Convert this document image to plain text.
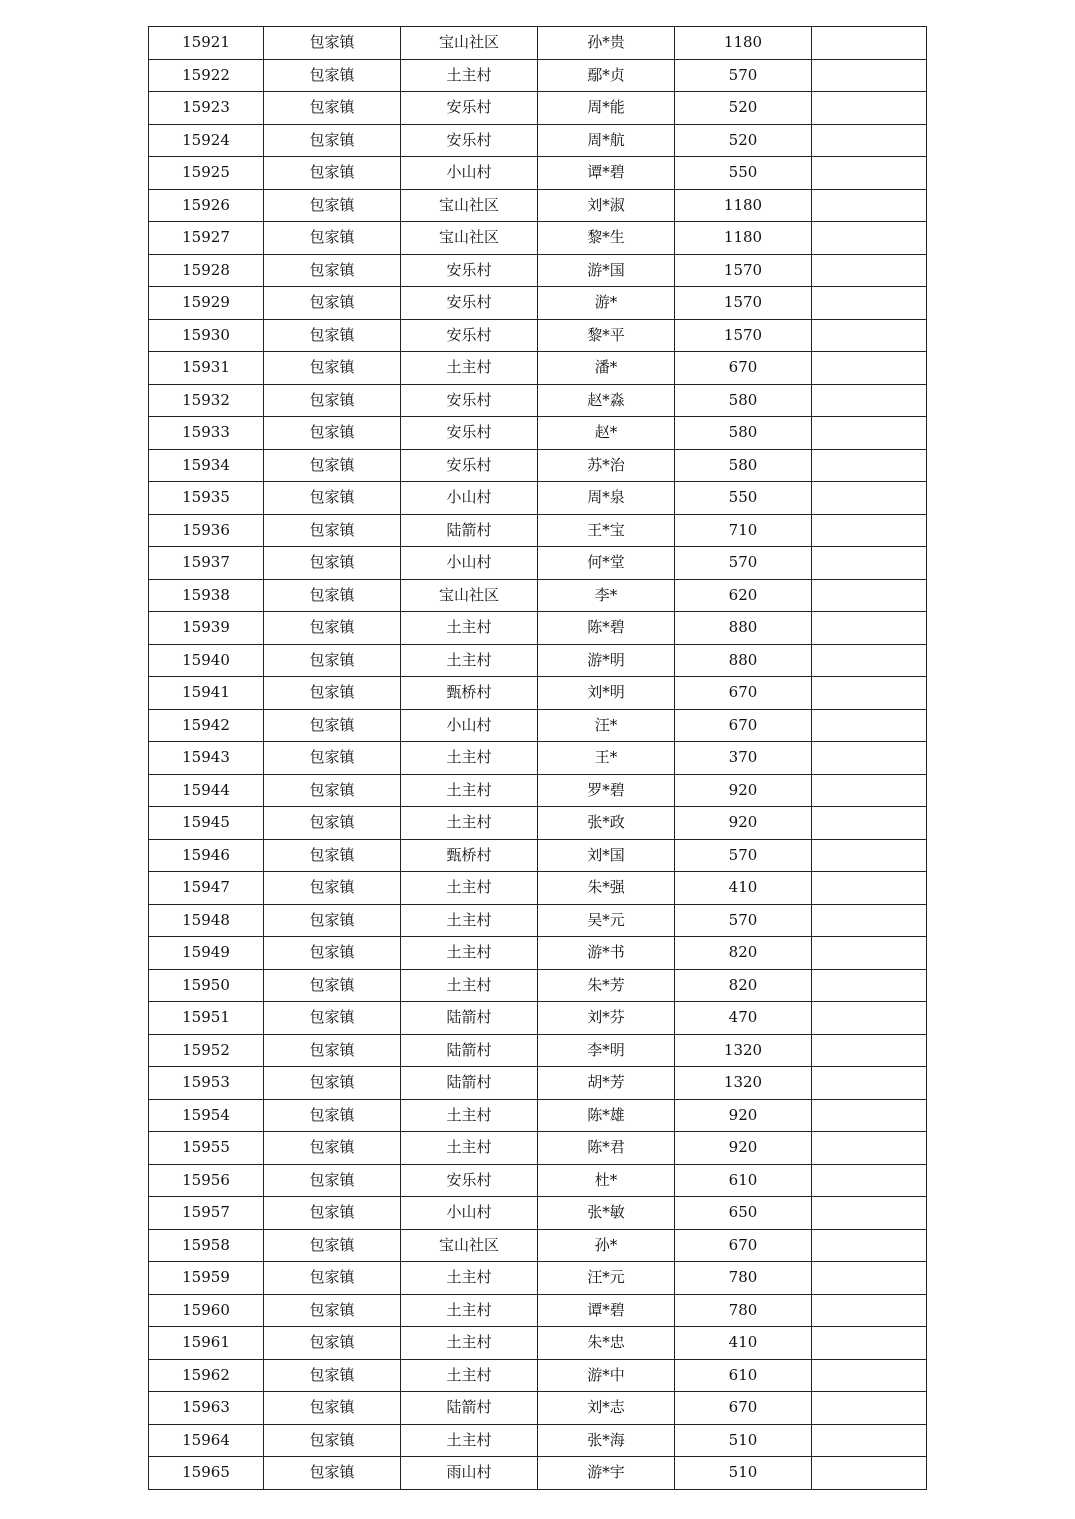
15921	包家镇	宝山社区	孙*贵	1180	
15922	包家镇	土主村	鄢*贞	570	
15923	包家镇	安乐村	周*能	520	
15924	包家镇	安乐村	周*航	520	
15925	包家镇	小山村	谭*碧	550	
15926	包家镇	宝山社区	刘*淑	1180	
15927	包家镇	宝山社区	黎*生	1180	
15928	包家镇	安乐村	游*国	1570	
15929	包家镇	安乐村	游*	1570	
15930	包家镇	安乐村	黎*平	1570	
15931	包家镇	土主村	潘*	670	
15932	包家镇	安乐村	赵*淼	580	
15933	包家镇	安乐村	赵*	580	
15934	包家镇	安乐村	苏*治	580	
15935	包家镇	小山村	周*泉	550	
15936	包家镇	陆箭村	王*宝	710	
15937	包家镇	小山村	何*堂	570	
15938	包家镇	宝山社区	李*	620	
15939	包家镇	土主村	陈*碧	880	
15940	包家镇	土主村	游*明	880	
15941	包家镇	甄桥村	刘*明	670	
15942	包家镇	小山村	汪*	670	
15943	包家镇	土主村	王*	370	
15944	包家镇	土主村	罗*碧	920	
15945	包家镇	土主村	张*政	920	
15946	包家镇	甄桥村	刘*国	570	
15947	包家镇	土主村	朱*强	410	
15948	包家镇	土主村	吴*元	570	
15949	包家镇	土主村	游*书	820	
15950	包家镇	土主村	朱*芳	820	
15951	包家镇	陆箭村	刘*芬	470	
15952	包家镇	陆箭村	李*明	1320	
15953	包家镇	陆箭村	胡*芳	1320	
15954	包家镇	土主村	陈*雄	920	
15955	包家镇	土主村	陈*君	920	
15956	包家镇	安乐村	杜*	610	
15957	包家镇	小山村	张*敏	650	
15958	包家镇	宝山社区	孙*	670	
15959	包家镇	土主村	汪*元	780	
15960	包家镇	土主村	谭*碧	780	
15961	包家镇	土主村	朱*忠	410	
15962	包家镇	土主村	游*中	610	
15963	包家镇	陆箭村	刘*志	670	
15964	包家镇	土主村	张*海	510	
15965	包家镇	雨山村	游*宇	510	
